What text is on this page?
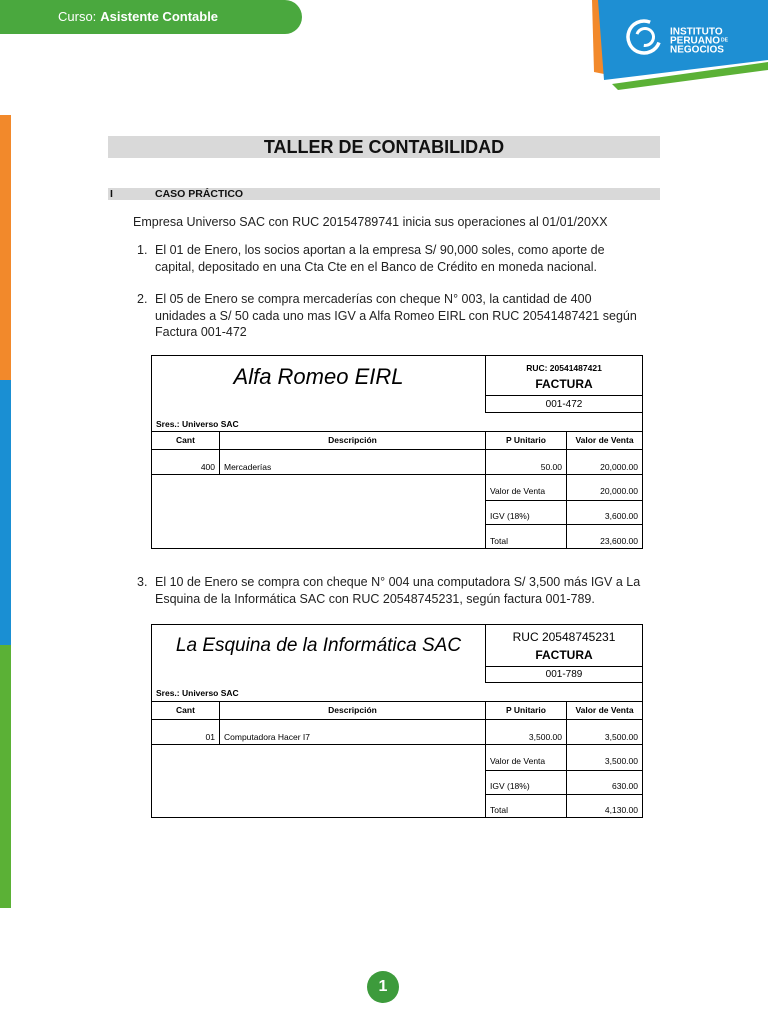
Curso: Asistente Contable
INSTITUTO
$PERUANO^{DE}$
NEGOCIOS
TALLER DE CONTABILIDAD
I	CASO PRÁCTICO
Empresa Universo SAC con RUC 20154789741 inicia sus operaciones al 01/01/20XX
1. El 01 de Enero, los socios aportan a la empresa S/ 90,000 soles, como aporte de
capital, depositado en una Cta Cte en el Banco de Crédito en moneda nacional.
2. El 05 de Enero se compra mercaderías con cheque N° 003, la cantidad de 400
unidades a S/ 50 cada uno mas IGV a Alfa Romeo EIRL con RUC 20541487421 según
Factura 001-472
Alfa Romeo EIRL	RUC: 20541487421
FACTURA
001-472
Sres.: Universo SAC
Cant	Descripción	P Unitario	Valor de Venta
400	Mercaderías	50.00	20,000.00
Valor de Venta	20,000.00
IGV (18%)	3,600.00
Total	23,600.00
3. El 10 de Enero se compra con cheque N° 004 una computadora S/ 3,500 más IGV a La
Esquina de la Informática SAC con RUC 20548745231, según factura 001-789.
La Esquina de la Informática SAC	RUC 20548745231
FACTURA
001-789
Sres.: Universo SAC
Cant	Descripción	P Unitario	Valor de Venta
01	Computadora Hacer I7	3,500.00	3,500.00
Valor de Venta	3,500.00
IGV (18%)	630.00
Total	4,130.00
1
